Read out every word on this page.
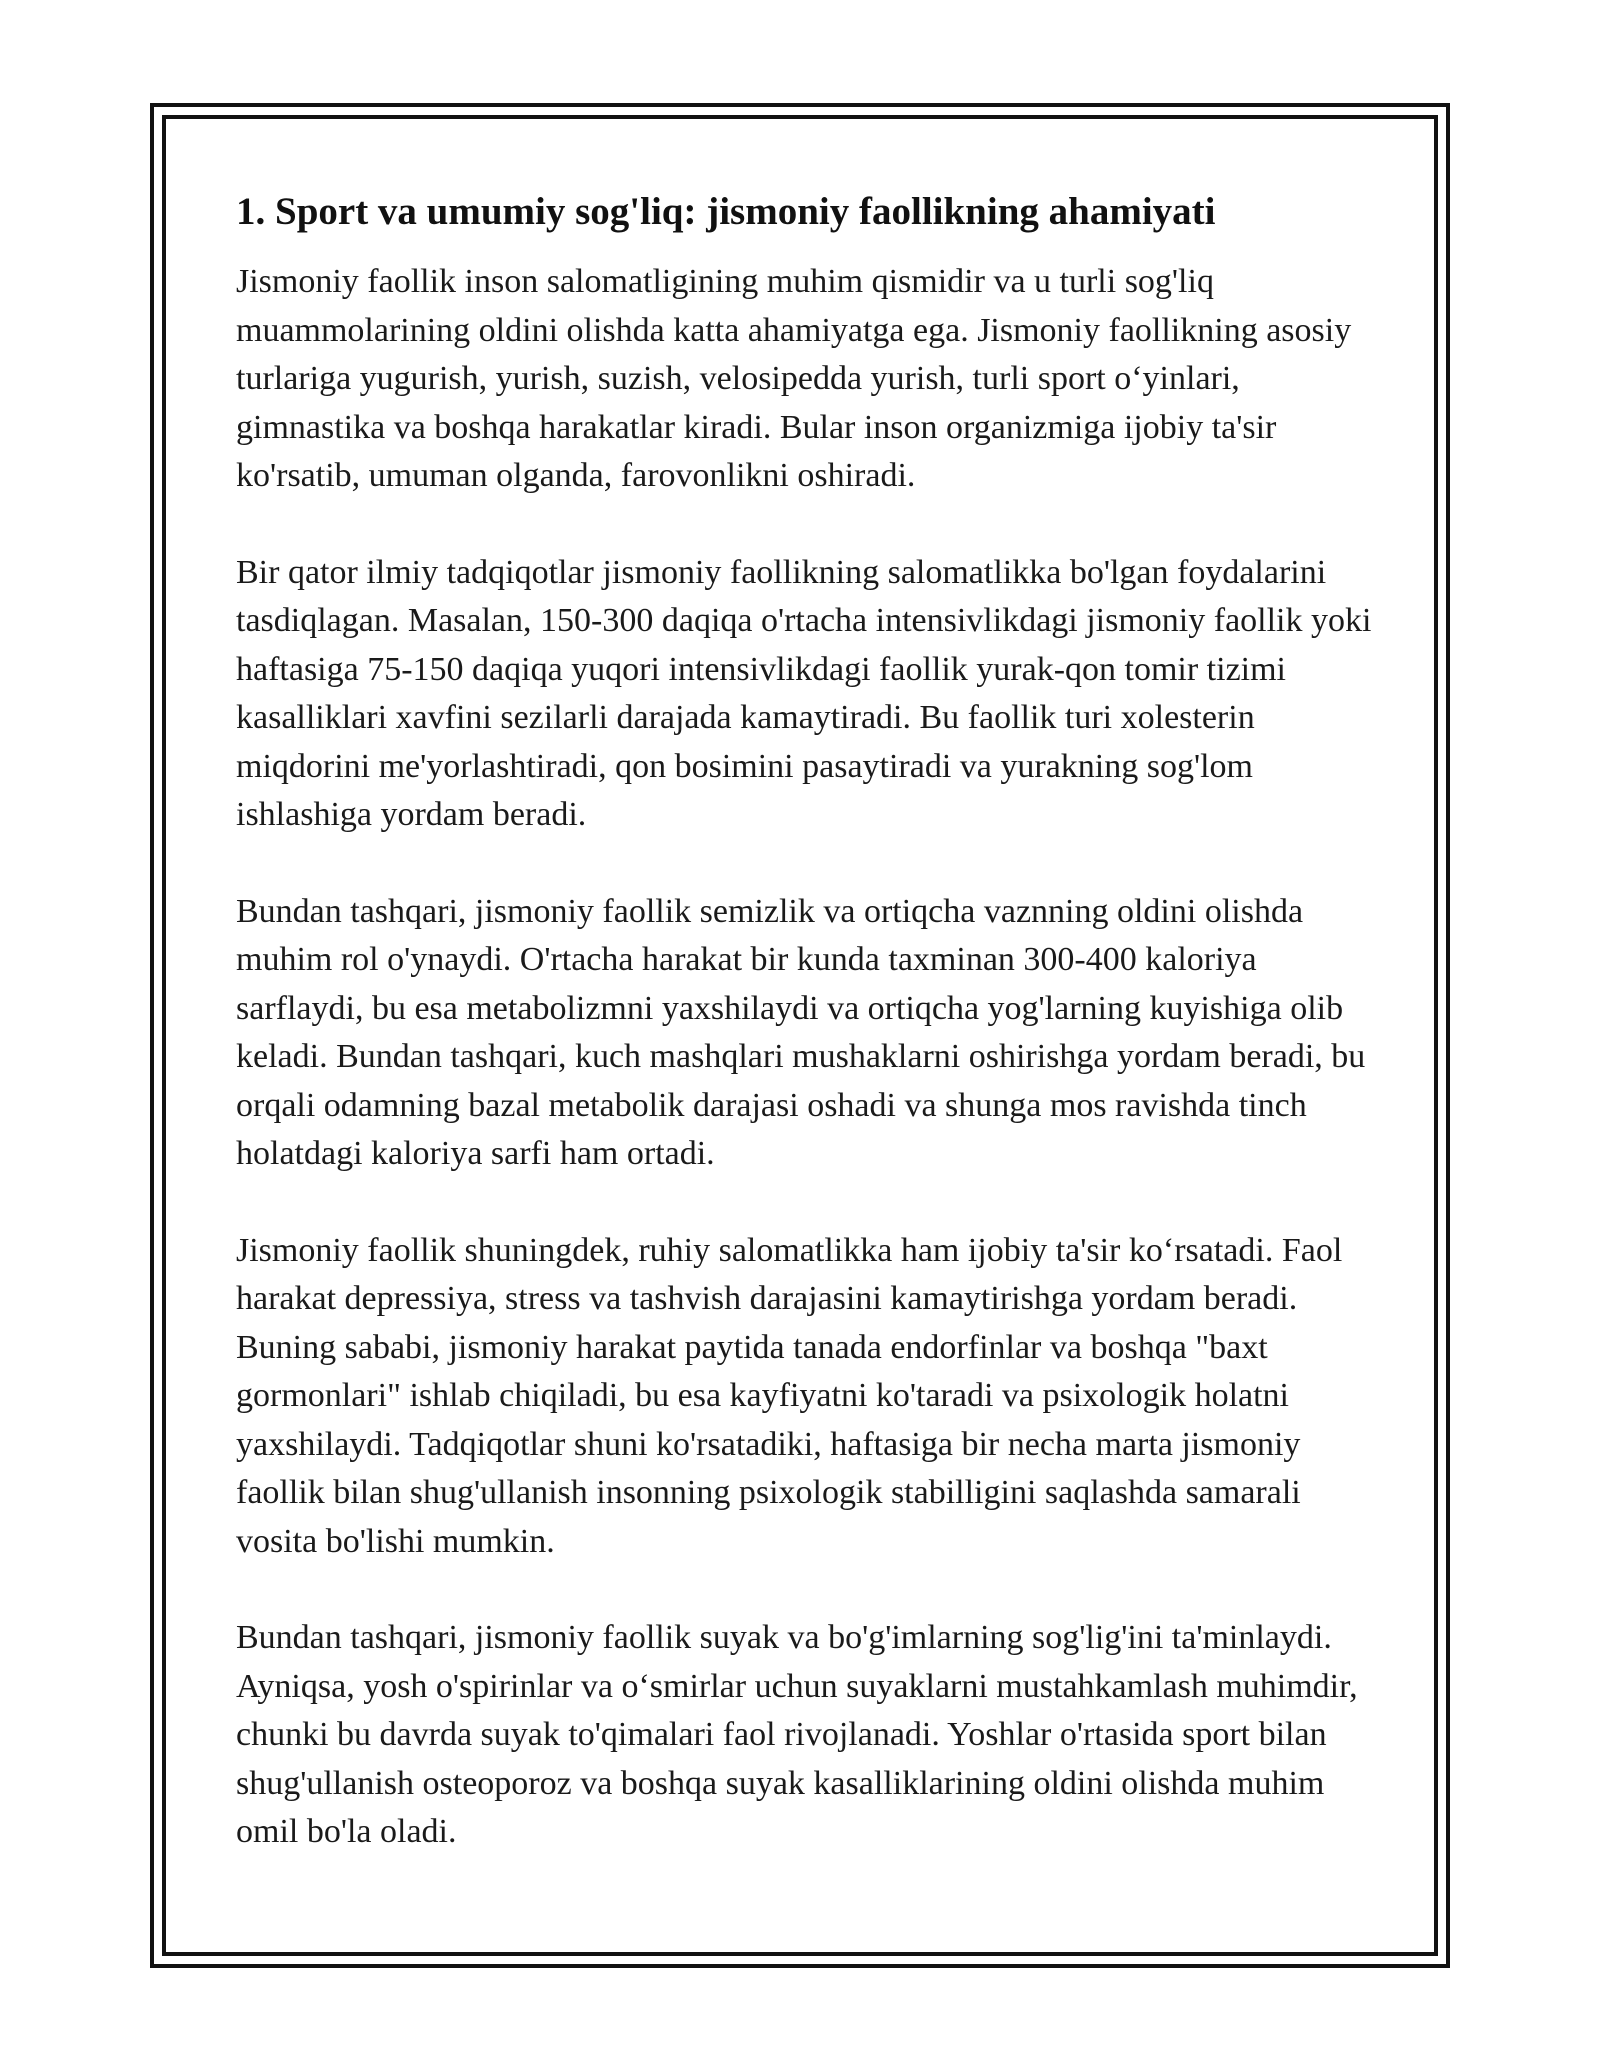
1. Sport va umumiy sog'liq: jismoniy faollikning ahamiyati

Jismoniy faollik inson salomatligining muhim qismidir va u turli sog'liq muammolarining oldini olishda katta ahamiyatga ega. Jismoniy faollikning asosiy turlariga yugurish, yurish, suzish, velosipedda yurish, turli sport o‘yinlari, gimnastika va boshqa harakatlar kiradi. Bular inson organizmiga ijobiy ta'sir ko'rsatib, umuman olganda, farovonlikni oshiradi.

Bir qator ilmiy tadqiqotlar jismoniy faollikning salomatlikka bo'lgan foydalarini tasdiqlagan. Masalan, 150-300 daqiqa o'rtacha intensivlikdagi jismoniy faollik yoki haftasiga 75-150 daqiqa yuqori intensivlikdagi faollik yurak-qon tomir tizimi kasalliklari xavfini sezilarli darajada kamaytiradi. Bu faollik turi xolesterin miqdorini me'yorlashtiradi, qon bosimini pasaytiradi va yurakning sog'lom ishlashiga yordam beradi.

Bundan tashqari, jismoniy faollik semizlik va ortiqcha vaznning oldini olishda muhim rol o'ynaydi. O'rtacha harakat bir kunda taxminan 300-400 kaloriya sarflaydi, bu esa metabolizmni yaxshilaydi va ortiqcha yog'larning kuyishiga olib keladi. Bundan tashqari, kuch mashqlari mushaklarni oshirishga yordam beradi, bu orqali odamning bazal metabolik darajasi oshadi va shunga mos ravishda tinch holatdagi kaloriya sarfi ham ortadi.

Jismoniy faollik shuningdek, ruhiy salomatlikka ham ijobiy ta'sir ko‘rsatadi. Faol harakat depressiya, stress va tashvish darajasini kamaytirishga yordam beradi. Buning sababi, jismoniy harakat paytida tanada endorfinlar va boshqa "baxt gormonlari" ishlab chiqiladi, bu esa kayfiyatni ko'taradi va psixologik holatni yaxshilaydi. Tadqiqotlar shuni ko'rsatadiki, haftasiga bir necha marta jismoniy faollik bilan shug'ullanish insonning psixologik stabilligini saqlashda samarali vosita bo'lishi mumkin.

Bundan tashqari, jismoniy faollik suyak va bo'g'imlarning sog'lig'ini ta'minlaydi. Ayniqsa, yosh o'spirinlar va o‘smirlar uchun suyaklarni mustahkamlash muhimdir, chunki bu davrda suyak to'qimalari faol rivojlanadi. Yoshlar o'rtasida sport bilan shug'ullanish osteoporoz va boshqa suyak kasalliklarining oldini olishda muhim omil bo'la oladi.
